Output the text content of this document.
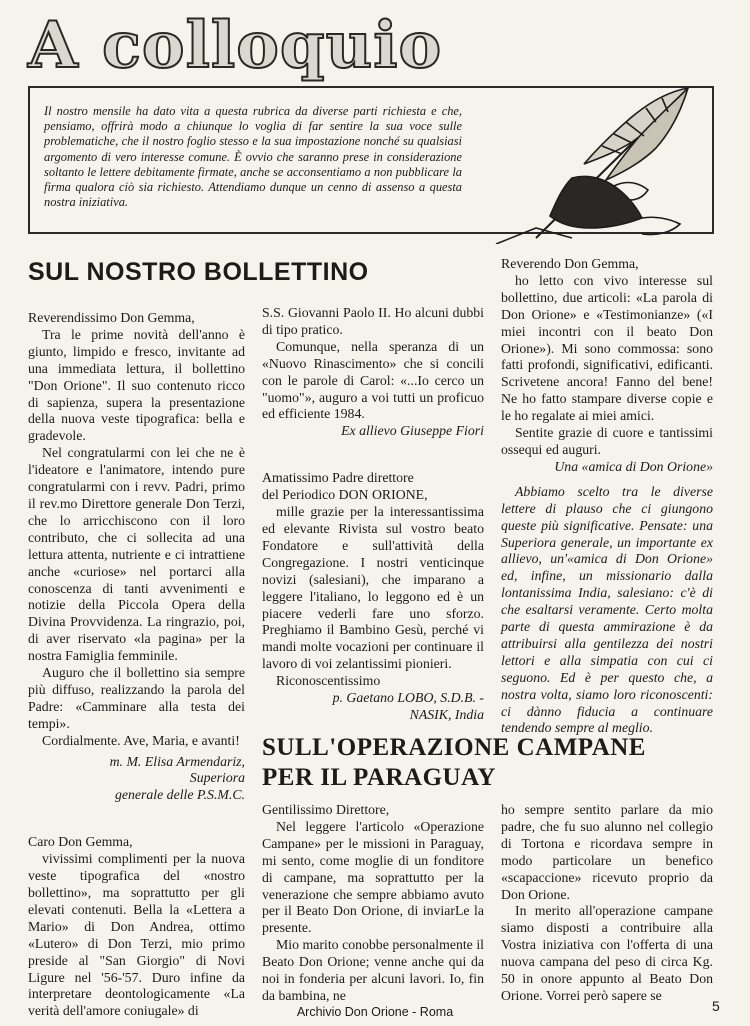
A colloquio
Il nostro mensile ha dato vita a questa rubrica da diverse parti richiesta e che, pensiamo, offrirà modo a chiunque lo voglia di far sentire la sua voce sulle problematiche, che il nostro foglio stesso e la sua impostazione nonché su qualsiasi argomento di vero interesse comune. È ovvio che saranno prese in considerazione soltanto le lettere debitamente firmate, anche se acconsentiamo a non pubblicare la firma qualora ciò sia richiesto. Attendiamo dunque un cenno di assenso a questa nostra iniziativa.
SUL NOSTRO BOLLETTINO

Reverendissimo Don Gemma,

Tra le prime novità dell'anno è giunto, limpido e fresco, invitante ad una immediata lettura, il bollettino "Don Orione". Il suo contenuto ricco di sapienza, supera la presentazione della nuova veste tipografica: bella e gradevole.

Nel congratularmi con lei che ne è l'ideatore e l'animatore, intendo pure congratularmi con i revv. Padri, primo il rev.mo Direttore generale Don Terzi, che lo arricchiscono con il loro contributo, che ci sollecita ad una lettura attenta, nutriente e ci intrattiene anche «curiose» nel portarci alla conoscenza di tanti avvenimenti e notizie della Piccola Opera della Divina Provvidenza. La ringrazio, poi, di aver riservato «la pagina» per la nostra Famiglia femminile.

Auguro che il bollettino sia sempre più diffuso, realizzando la parola del Padre: «Camminare alla testa dei tempi».

Cordialmente. Ave, Maria, e avanti!

m. M. Elisa Armendariz,

Superiora

generale delle P.S.M.C.

Caro Don Gemma,

vivissimi complimenti per la nuova veste tipografica del «nostro bollettino», ma soprattutto per gli elevati contenuti. Bella la «Lettera a Mario» di Don Andrea, ottimo «Lutero» di Don Terzi, mio primo preside al "San Giorgio" di Novi Ligure nel '56-'57. Duro infine da interpretare deontologicamente «La verità dell'amore coniugale» di

S.S. Giovanni Paolo II. Ho alcuni dubbi di tipo pratico.

Comunque, nella speranza di un «Nuovo Rinascimento» che si concili con le parole di Carol: «...Io cerco un "uomo"», auguro a voi tutti un proficuo ed efficiente 1984.

Ex allievo Giuseppe Fiori

Amatissimo Padre direttore

del Periodico DON ORIONE,

mille grazie per la interessantissima ed elevante Rivista sul vostro beato Fondatore e sull'attività della Congregazione. I nostri venticinque novizi (salesiani), che imparano a leggere l'italiano, lo leggono ed è un piacere vederli fare uno sforzo. Preghiamo il Bambino Gesù, perché vi mandi molte vocazioni per continuare il lavoro di voi zelantissimi pionieri.

Riconoscentissimo

p. Gaetano LOBO, S.D.B. -

NASIK, India

Reverendo Don Gemma,

ho letto con vivo interesse sul bollettino, due articoli: «La parola di Don Orione» e «Testimonianze» («I miei incontri con il beato Don Orione»). Mi sono commossa: sono fatti profondi, significativi, edificanti. Scrivetene ancora! Fanno del bene! Ne ho fatto stampare diverse copie e le ho regalate ai miei amici.

Sentite grazie di cuore e tantissimi ossequi ed auguri.

Una «amica di Don Orione»

Abbiamo scelto tra le diverse lettere di plauso che ci giungono queste più significative. Pensate: una Superiora generale, un importante ex allievo, un'«amica di Don Orione» ed, infine, un missionario dalla lontanissima India, salesiano: c'è di che esaltarsi veramente. Certo molta parte di questa ammirazione è da attribuirsi alla gentilezza dei nostri lettori e alla simpatia con cui ci seguono. Ed è per questo che, a nostra volta, siamo loro riconoscenti: ci dànno fiducia a continuare tendendo sempre al meglio.

SULL'OPERAZIONE CAMPANE
PER IL PARAGUAY

Gentilissimo Direttore,

Nel leggere l'articolo «Operazione Campane» per le missioni in Paraguay, mi sento, come moglie di un fonditore di campane, ma soprattutto per la venerazione che sempre abbiamo avuto per il Beato Don Orione, di inviarLe la presente.

Mio marito conobbe personalmente il Beato Don Orione; venne anche qui da noi in fonderia per alcuni lavori. Io, fin da bambina, ne

ho sempre sentito parlare da mio padre, che fu suo alunno nel collegio di Tortona e ricordava sempre in modo particolare un benefico «scapaccione» ricevuto proprio da Don Orione.

In merito all'operazione campane siamo disposti a contribuire alla Vostra iniziativa con l'offerta di una nuova campana del peso di circa Kg. 50 in onore appunto al Beato Don Orione. Vorrei però sapere se

Archivio Don Orione - Roma	5
